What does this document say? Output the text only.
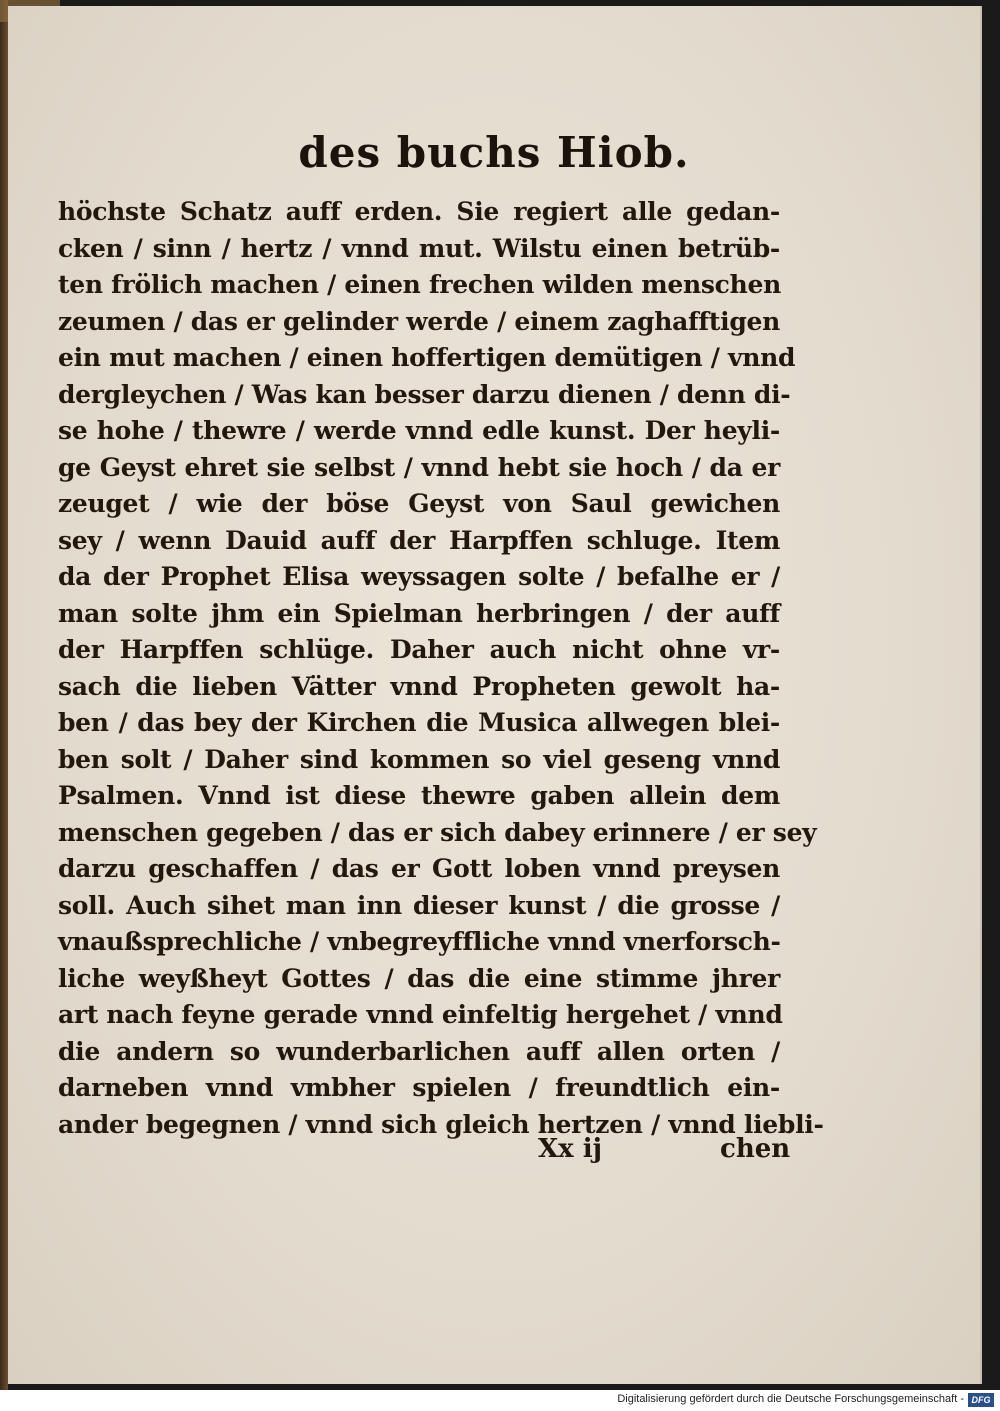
des buchs Hiob.
höchste Schatz auff erden. Sie regiert alle gedan-
cken / sinn / hertz / vnnd mut. Wilstu einen betrüb-
ten frölich machen / einen frechen wilden menschen
zeumen / das er gelinder werde / einem zaghafftigen
ein mut machen / einen hoffertigen demütigen / vnnd
dergleychen / Was kan besser darzu dienen / denn di-
se hohe / thewre / werde vnnd edle kunst. Der heyli-
ge Geyst ehret sie selbst / vnnd hebt sie hoch / da er
zeuget / wie der böse Geyst von Saul gewichen
sey / wenn Dauid auff der Harpffen schluge. Item
da der Prophet Elisa weyssagen solte / befalhe er /
man solte jhm ein Spielman herbringen / der auff
der Harpffen schlüge. Daher auch nicht ohne vr-
sach die lieben Vätter vnnd Propheten gewolt ha-
ben / das bey der Kirchen die Musica allwegen blei-
ben solt / Daher sind kommen so viel geseng vnnd
Psalmen. Vnnd ist diese thewre gaben allein dem
menschen gegeben / das er sich dabey erinnere / er sey
darzu geschaffen / das er Gott loben vnnd preysen
soll. Auch sihet man inn dieser kunst / die grosse /
vnaußsprechliche / vnbegreyffliche vnnd vnerforsch-
liche weyßheyt Gottes / das die eine stimme jhrer
art nach feyne gerade vnnd einfeltig hergehet / vnnd
die andern so wunderbarlichen auff allen orten /
darneben vnnd vmbher spielen / freundtlich ein-
ander begegnen / vnnd sich gleich hertzen / vnnd liebli-
Xx ij	chen
Digitalisierung gefördert durch die Deutsche Forschungsgemeinschaft - DFG
